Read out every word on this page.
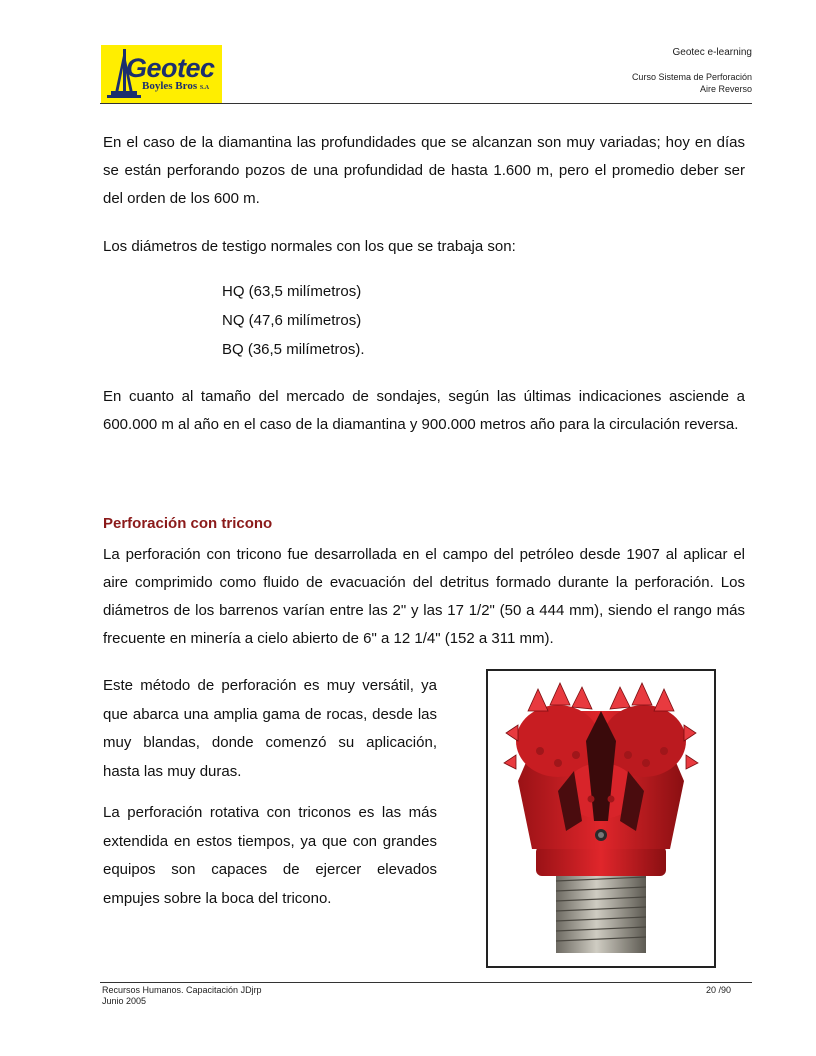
Geotec
Boyles Bros S.A
Geotec e-learning
Curso Sistema de Perforación
Aire Reverso

En el caso de la diamantina las profundidades que se alcanzan son muy variadas; hoy en días se están perforando pozos de una profundidad de hasta 1.600 m, pero el promedio deber ser del orden de los 600 m.

Los diámetros de testigo normales con los que se trabaja son:

HQ (63,5 milímetros)
NQ (47,6 milímetros)
BQ (36,5 milímetros).

En cuanto al tamaño del mercado de sondajes, según las últimas indicaciones asciende a 600.000 m al año en el caso de la diamantina y 900.000 metros año para la circulación reversa.

Perforación con tricono

La perforación con tricono fue desarrollada en el campo del petróleo desde 1907 al aplicar el aire comprimido como fluido de evacuación del detritus formado durante la perforación. Los diámetros de los barrenos varían entre las 2" y las 17 1/2" (50 a 444 mm), siendo el rango más frecuente en minería a cielo abierto de 6" a 12 1/4" (152 a 311 mm).

Este método de perforación es muy versátil, ya que abarca una amplia gama de rocas, desde las muy blandas, donde comenzó su aplicación, hasta las muy duras.

La perforación rotativa con triconos es las más extendida en estos tiempos, ya que con grandes equipos son capaces de ejercer elevados empujes sobre la boca del tricono.

Recursos Humanos. Capacitación JDjrp
Junio 2005
20 /90
